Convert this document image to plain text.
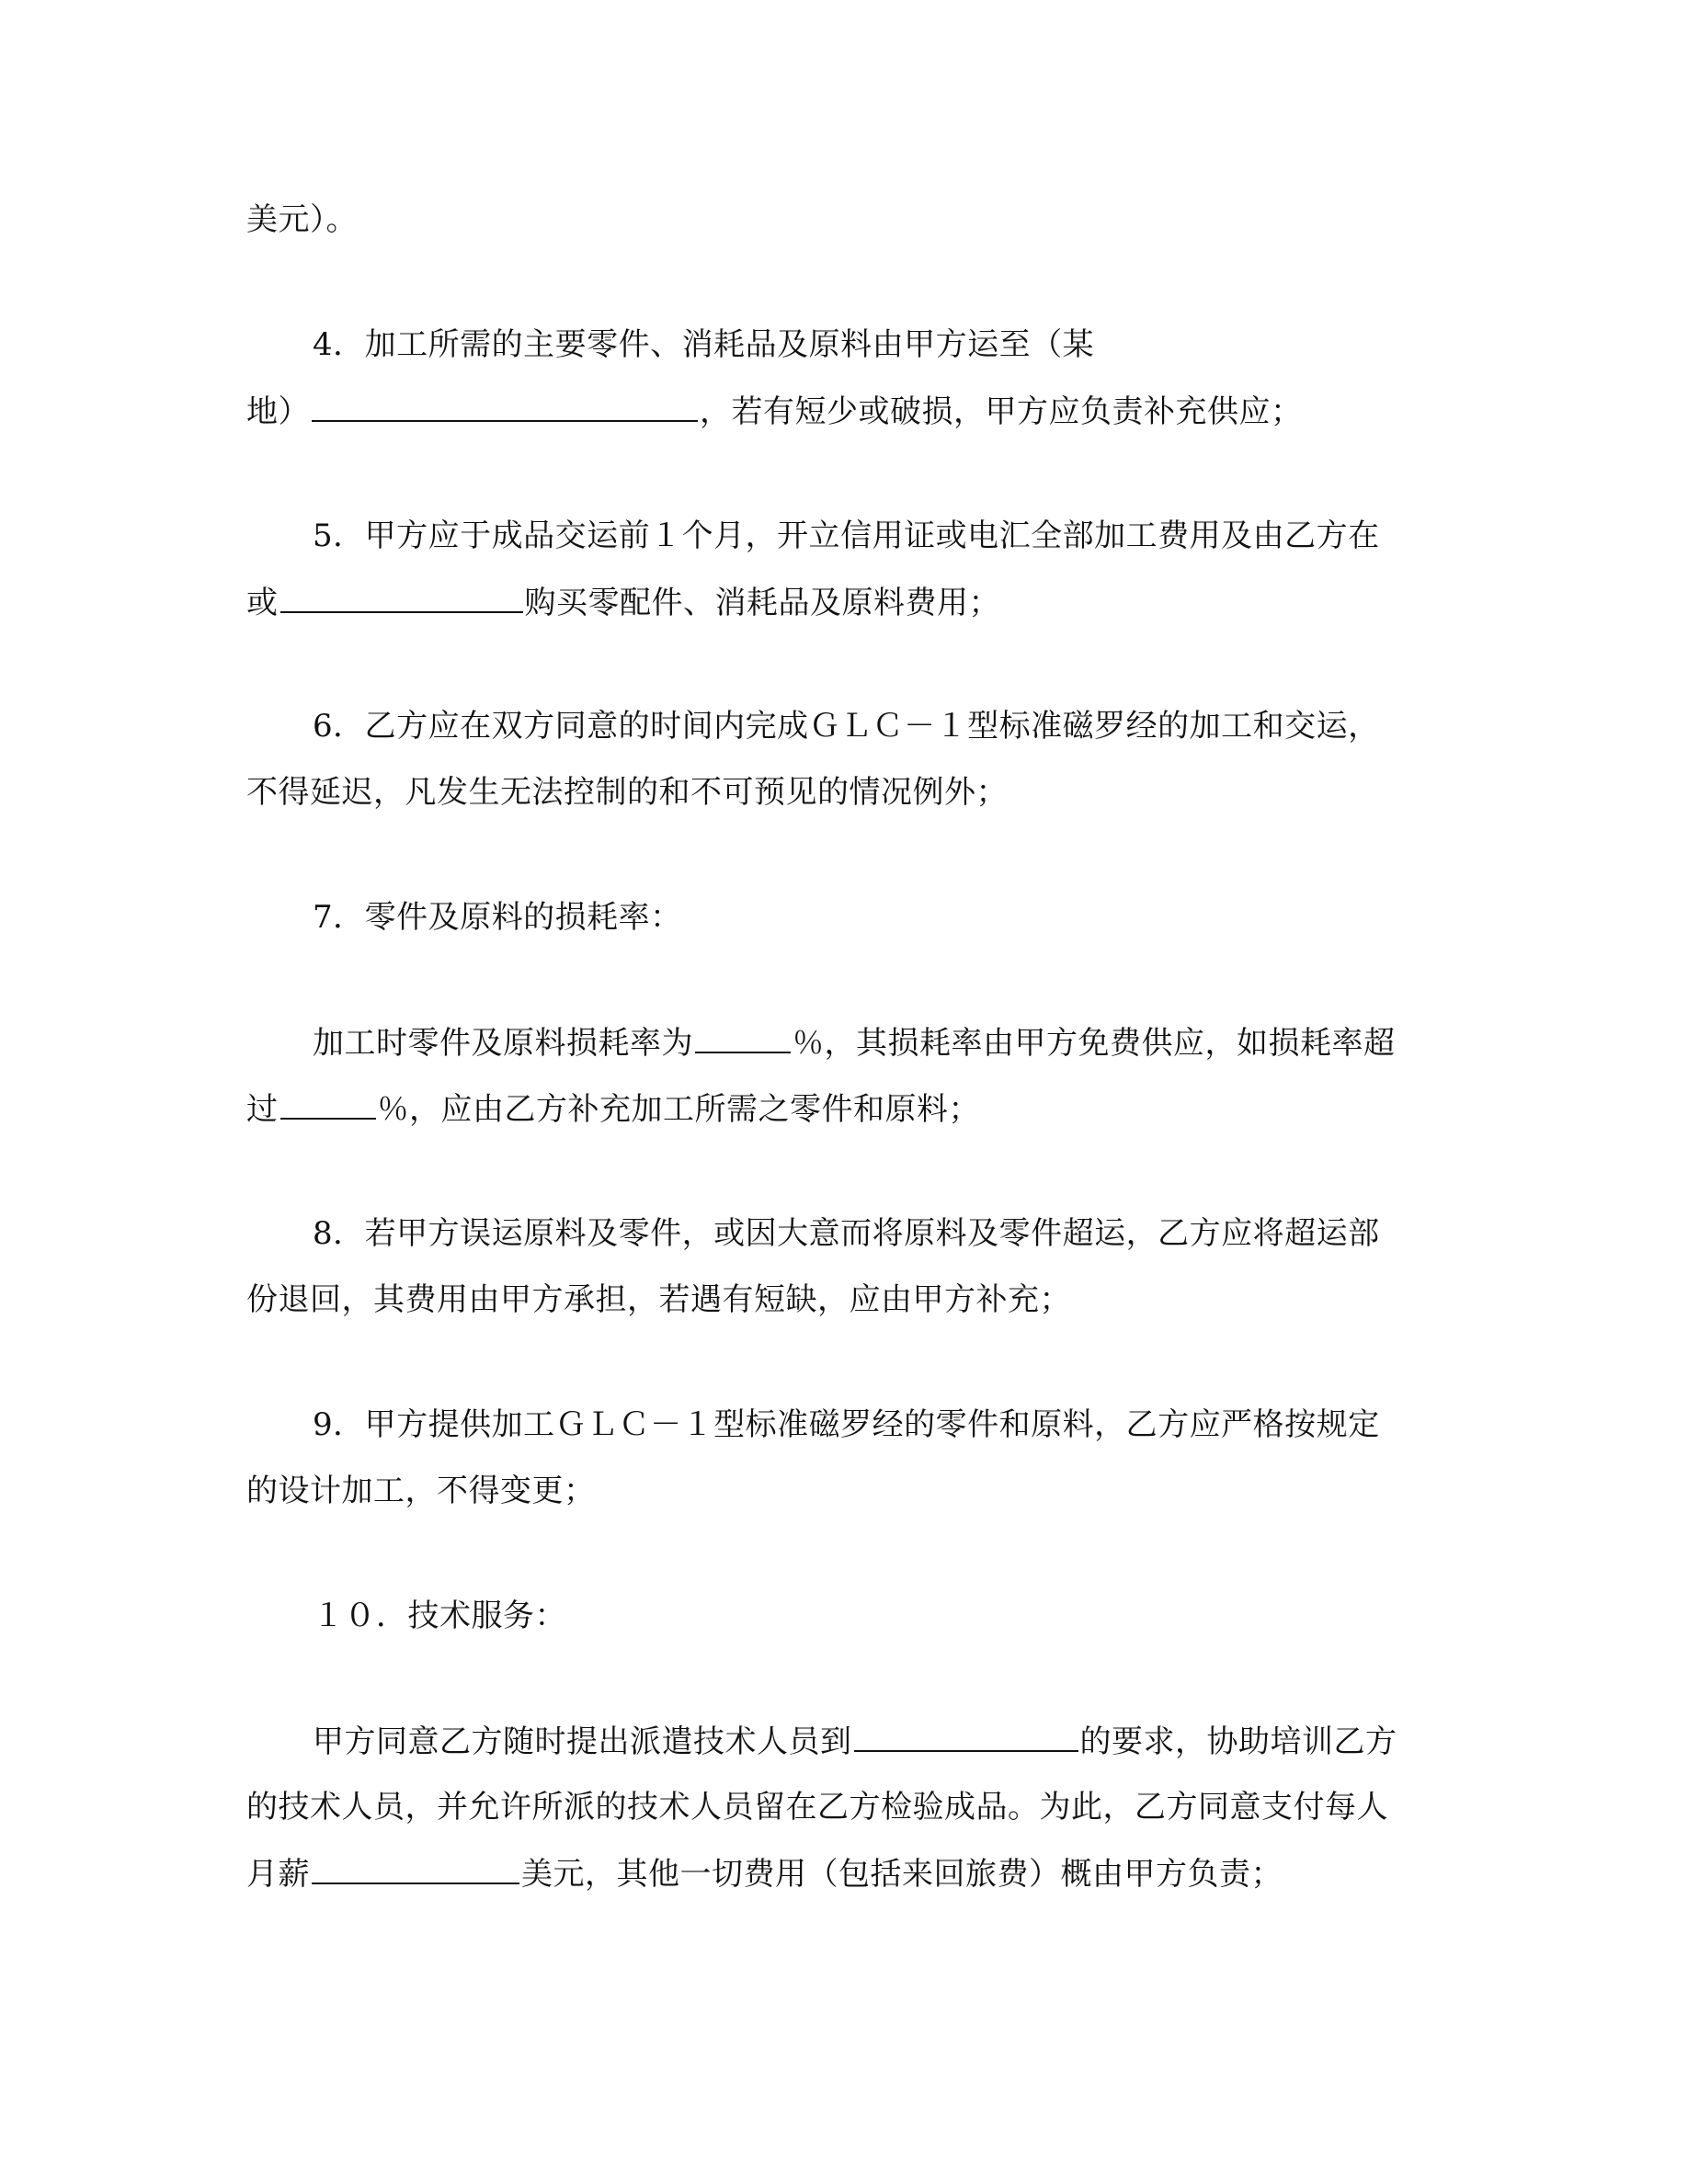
美元）。
4．加工所需的主要零件、消耗品及原料由甲方运至（某
地）	，若有短少或破损，甲方应负责补充供应；
5．甲方应于成品交运前１个月，开立信用证或电汇全部加工费用及由乙方在
或	购买零配件、消耗品及原料费用；
6．乙方应在双方同意的时间内完成ＧＬＣ－１型标准磁罗经的加工和交运，
不得延迟，凡发生无法控制的和不可预见的情况例外；
7．零件及原料的损耗率：
加工时零件及原料损耗率为	％，其损耗率由甲方免费供应，如损耗率超
过	％，应由乙方补充加工所需之零件和原料；
8．若甲方误运原料及零件，或因大意而将原料及零件超运，乙方应将超运部
份退回，其费用由甲方承担，若遇有短缺，应由甲方补充；
9．甲方提供加工ＧＬＣ－１型标准磁罗经的零件和原料，乙方应严格按规定
的设计加工，不得变更；
１０．技术服务：
甲方同意乙方随时提出派遣技术人员到	的要求，协助培训乙方
的技术人员，并允许所派的技术人员留在乙方检验成品。为此，乙方同意支付每人
月薪	美元，其他一切费用（包括来回旅费）概由甲方负责；
